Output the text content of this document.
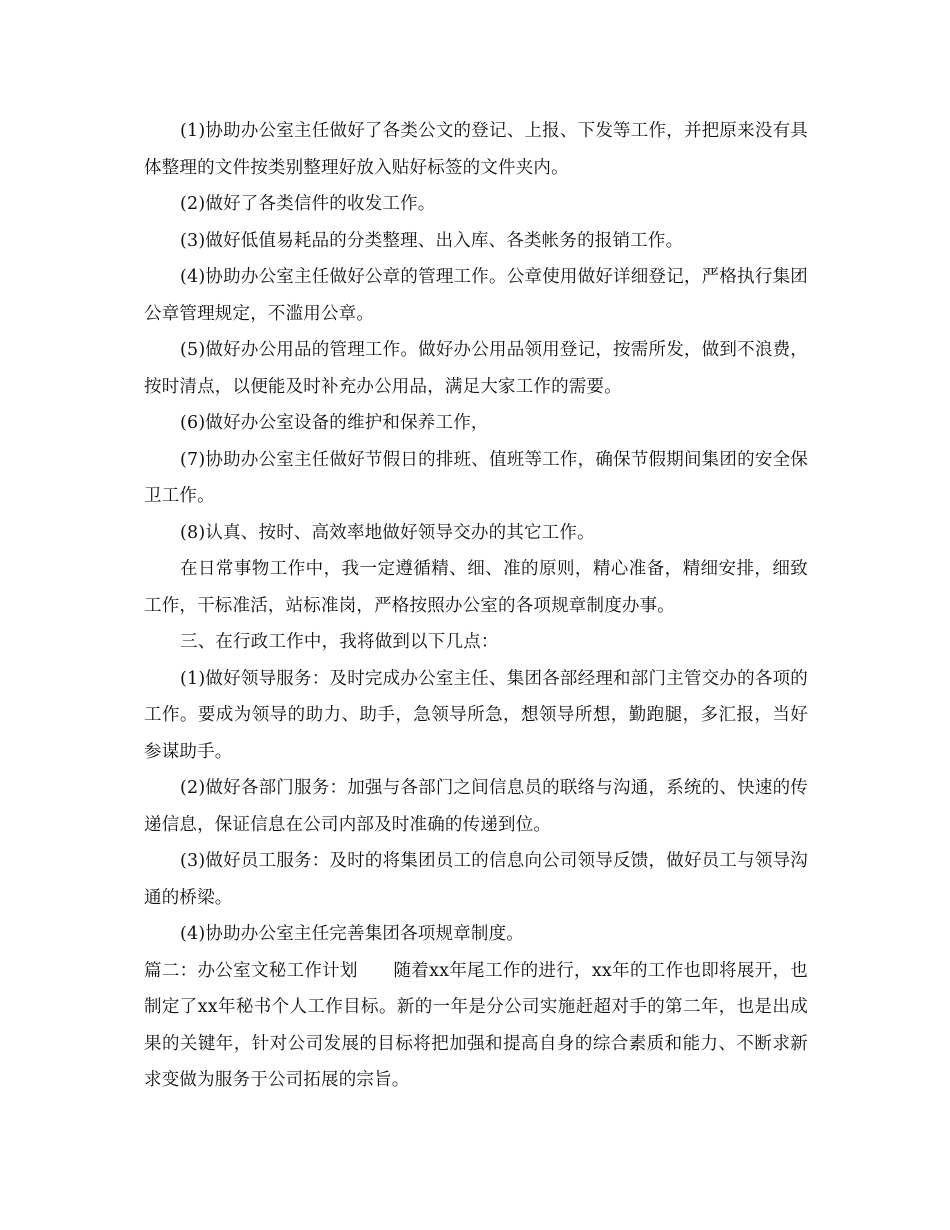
(1)协助办公室主任做好了各类公文的登记、上报、下发等工作，并把原来没有具体整理的文件按类别整理好放入贴好标签的文件夹内。

(2)做好了各类信件的收发工作。

(3)做好低值易耗品的分类整理、出入库、各类帐务的报销工作。

(4)协助办公室主任做好公章的管理工作。公章使用做好详细登记，严格执行集团公章管理规定，不滥用公章。

(5)做好办公用品的管理工作。做好办公用品领用登记，按需所发，做到不浪费，按时清点，以便能及时补充办公用品，满足大家工作的需要。

(6)做好办公室设备的维护和保养工作，

(7)协助办公室主任做好节假日的排班、值班等工作，确保节假期间集团的安全保卫工作。

(8)认真、按时、高效率地做好领导交办的其它工作。

在日常事物工作中，我一定遵循精、细、准的原则，精心准备，精细安排，细致工作，干标准活，站标准岗，严格按照办公室的各项规章制度办事。

三、在行政工作中，我将做到以下几点：

(1)做好领导服务：及时完成办公室主任、集团各部经理和部门主管交办的各项的工作。要成为领导的助力、助手，急领导所急，想领导所想，勤跑腿，多汇报，当好参谋助手。

(2)做好各部门服务：加强与各部门之间信息员的联络与沟通，系统的、快速的传递信息，保证信息在公司内部及时准确的传递到位。

(3)做好员工服务：及时的将集团员工的信息向公司领导反馈，做好员工与领导沟通的桥梁。

(4)协助办公室主任完善集团各项规章制度。

篇二：办公室文秘工作计划　　随着xx年尾工作的进行，xx年的工作也即将展开，也制定了xx年秘书个人工作目标。新的一年是分公司实施赶超对手的第二年，也是出成果的关键年，针对公司发展的目标将把加强和提高自身的综合素质和能力、不断求新求变做为服务于公司拓展的宗旨。
